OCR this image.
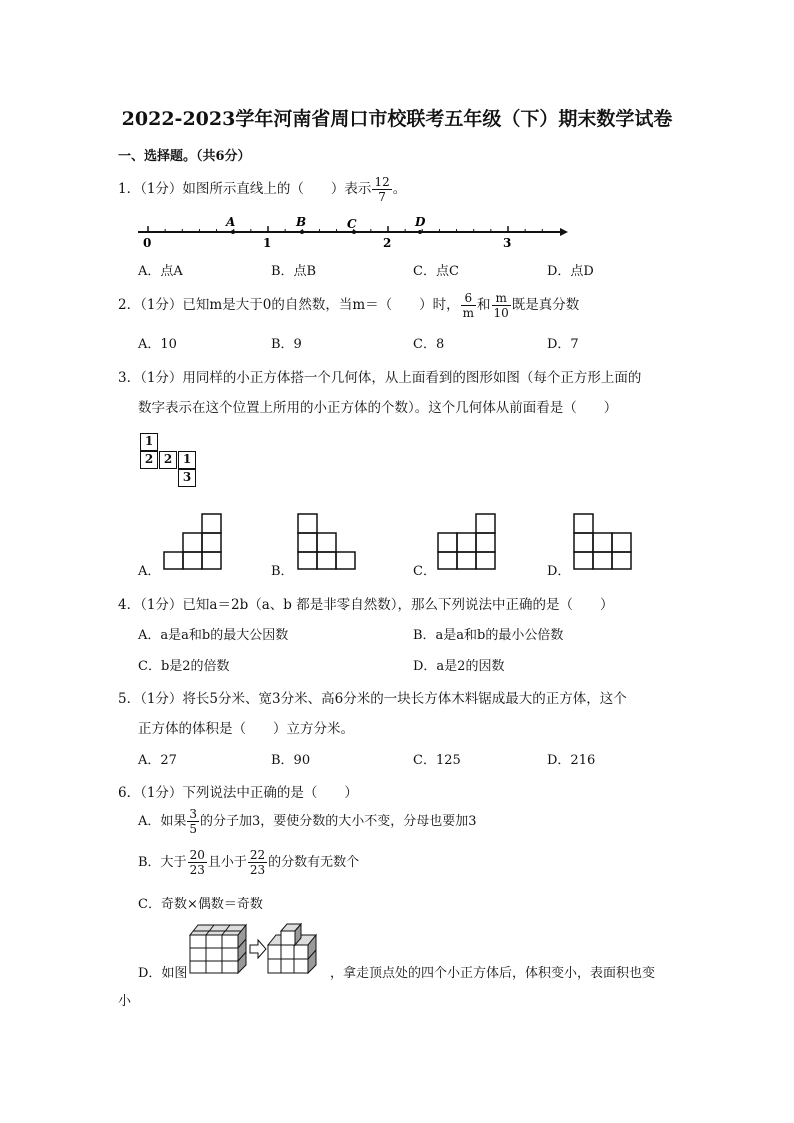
2022-2023学年河南省周口市校联考五年级（下）期末数学试卷
一、选择题。（共6分）
1．（1分）如图所示直线上的（　　）表示 $\frac{12}{7}$ 。
0	1	2	3
A	B	C	D
A．点A	B．点B	C．点C	D．点D
2．（1分）已知m是大于0的自然数，当m＝（　　）时， $\frac{6}{m}$ 和 $\frac{m}{10}$ 既是真分数
A．10	B．9	C．8	D．7
3．（1分）用同样的小正方体搭一个几何体，从上面看到的图形如图（每个正方形上面的
数字表示在这个位置上所用的小正方体的个数）。这个几何体从前面看是（　　）
1
2 2 1
3
A．	B．	C．	D．
4．（1分）已知a＝2b（a、b 都是非零自然数），那么下列说法中正确的是（　　）
A．a是a和b的最大公因数	B．a是a和b的最小公倍数
C．b是2的倍数	D．a是2的因数
5．（1分）将长5分米、宽3分米、高6分米的一块长方体木料锯成最大的正方体，这个
正方体的体积是（　　）立方分米。
A．27	B．90	C．125	D．216
6．（1分）下列说法中正确的是（　　）
A．如果 $\frac{3}{5}$ 的分子加3，要使分数的大小不变，分母也要加3
B．大于 $\frac{20}{23}$ 且小于 $\frac{22}{23}$ 的分数有无数个
C．奇数×偶数＝奇数
D．如图	，拿走顶点处的四个小正方体后，体积变小，表面积也变
小
